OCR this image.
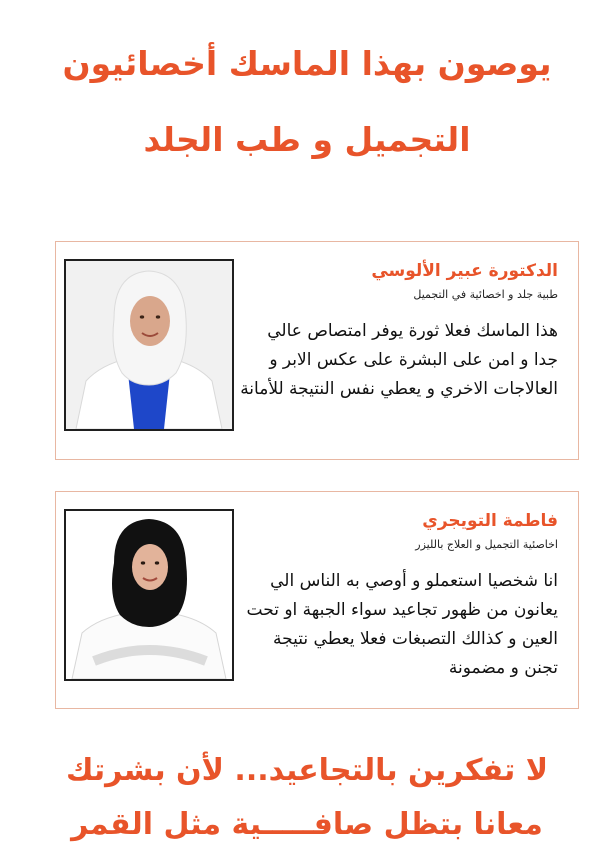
يوصون بهذا الماسك أخصائيون
التجميل و طب الجلد
الدكتورة عبير الألوسي

طبية جلد و اخصائية في التجميل

هذا الماسك فعلا ثورة يوفر امتصاص عالي جدا و امن على البشرة على عكس الابر و العالاجات الاخري و يعطي نفس النتيجة للأمانة

فاطمة التويجري

اخاصئية التجميل و العلاج بالليزر

انا شخصيا استعملو و أوصي به الناس الي يعانون من ظهور تجاعيد سواء الجبهة او تحت العين و كذالك التصبغات فعلا يعطي نتيجة تجنن و مضمونة

لا تفكرين بالتجاعيد... لأن بشرتك
معانا بتظل صافـــــية مثل القمر
